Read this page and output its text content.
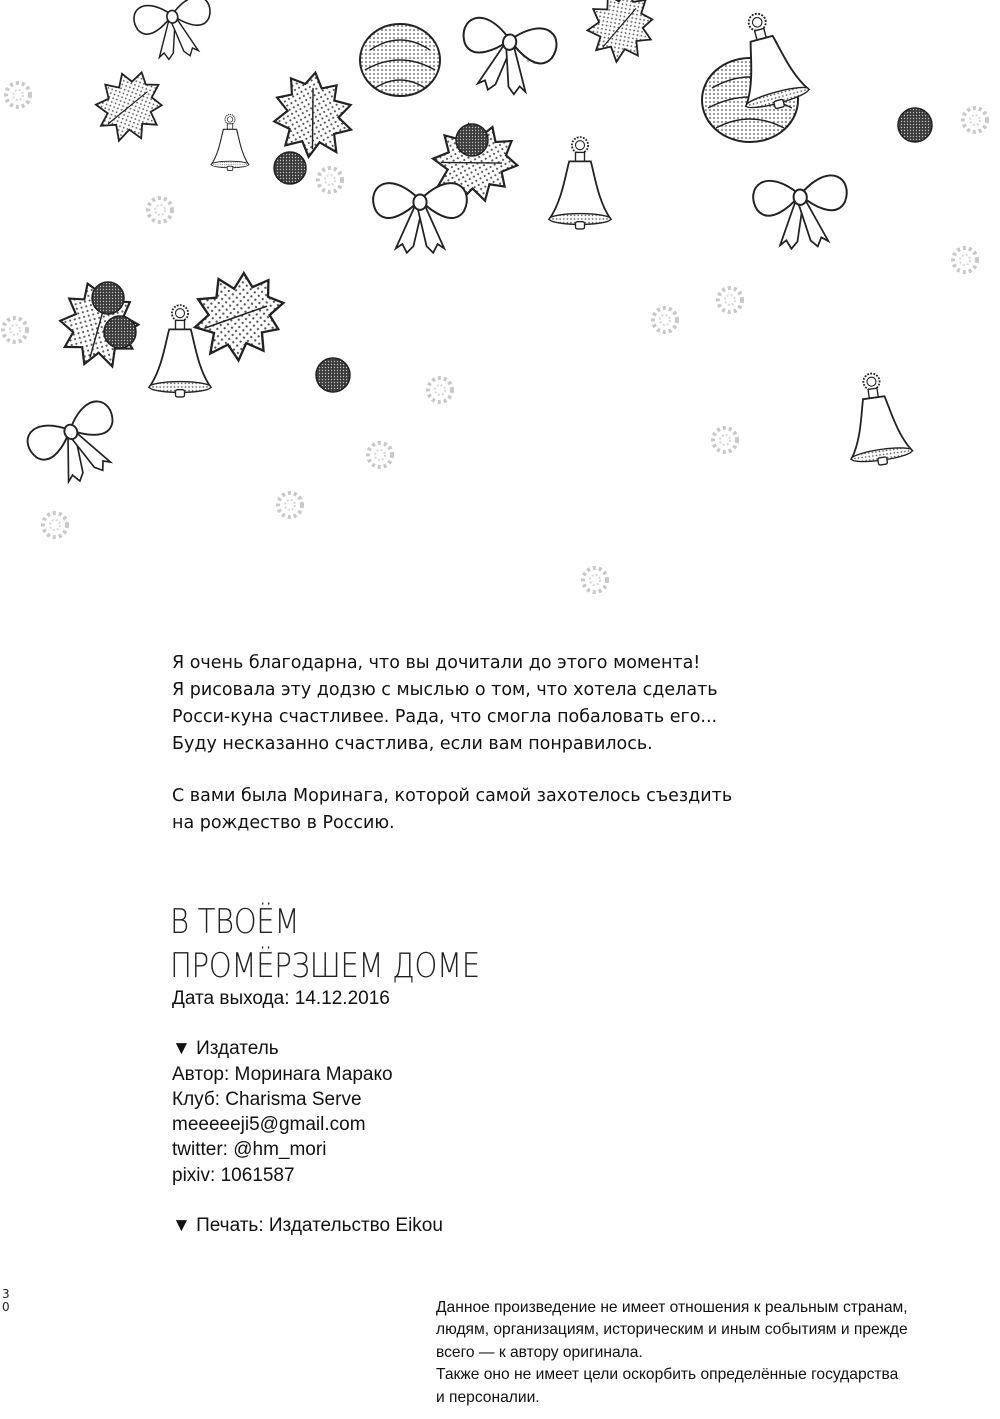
Я очень благодарна, что вы дочитали до этого момента!
Я рисовала эту додзю с мыслью о том, что хотела сделать
Росси-куна счастливее. Рада, что смогла побаловать его...
Буду несказанно счастлива, если вам понравилось.

С вами была Моринага, которой самой захотелось съездить
на рождество в Россию.

В ТВОЁМ
ПРОМЁРЗШЕМ ДОМЕ
Дата выхода: 14.12.2016
▼ Издатель
Автор: Моринага Марако
Клуб: Charisma Serve
meeeeeji5@gmail.com
twitter: @hm_mori
pixiv: 1061587
▼ Печать: Издательство Eikou
3
0	Данное произведение не имеет отношения к реальным странам,
людям, организациям, историческим и иным событиям и прежде
всего — к автору оригинала.
Также оно не имеет цели оскорбить определённые государства
и персоналии.
